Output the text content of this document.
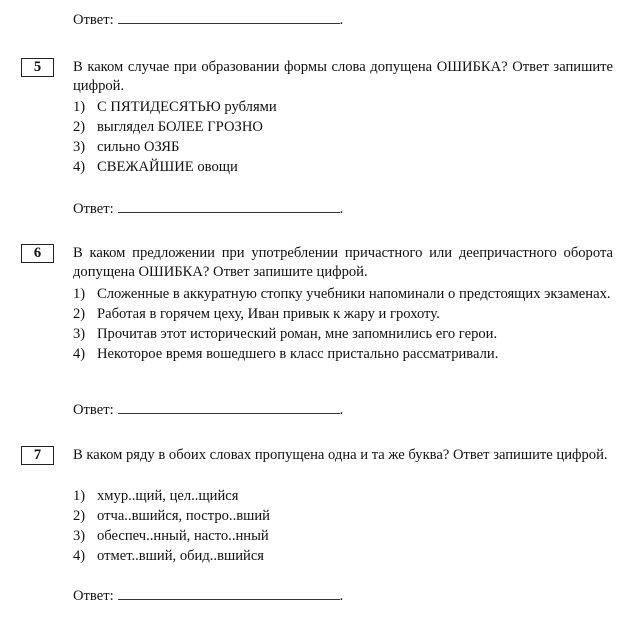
Ответ:	.
5	В каком случае при образовании формы слова допущена ОШИБКА? Ответ запишите цифрой.

1) С ПЯТИДЕСЯТЬЮ рублями
2) выглядел БОЛЕЕ ГРОЗНО
3) сильно ОЗЯБ
4) СВЕЖАЙШИЕ овощи
Ответ:	.
6	В каком предложении при употреблении причастного или деепричастного оборота допущена ОШИБКА? Ответ запишите цифрой.

1) Сложенные в аккуратную стопку учебники напоминали о предстоящих экзаменах.
2) Работая в горячем цеху, Иван привык к жару и грохоту.
3) Прочитав этот исторический роман, мне запомнились его герои.
4) Некоторое время вошедшего в класс пристально рассматривали.
Ответ:	.
7	В каком ряду в обоих словах пропущена одна и та же буква? Ответ запишите цифрой.

1) хмур..щий, цел..щийся
2) отча..вшийся, постро..вший
3) обеспеч..нный, насто..нный
4) отмет..вший, обид..вшийся
Ответ:	.
